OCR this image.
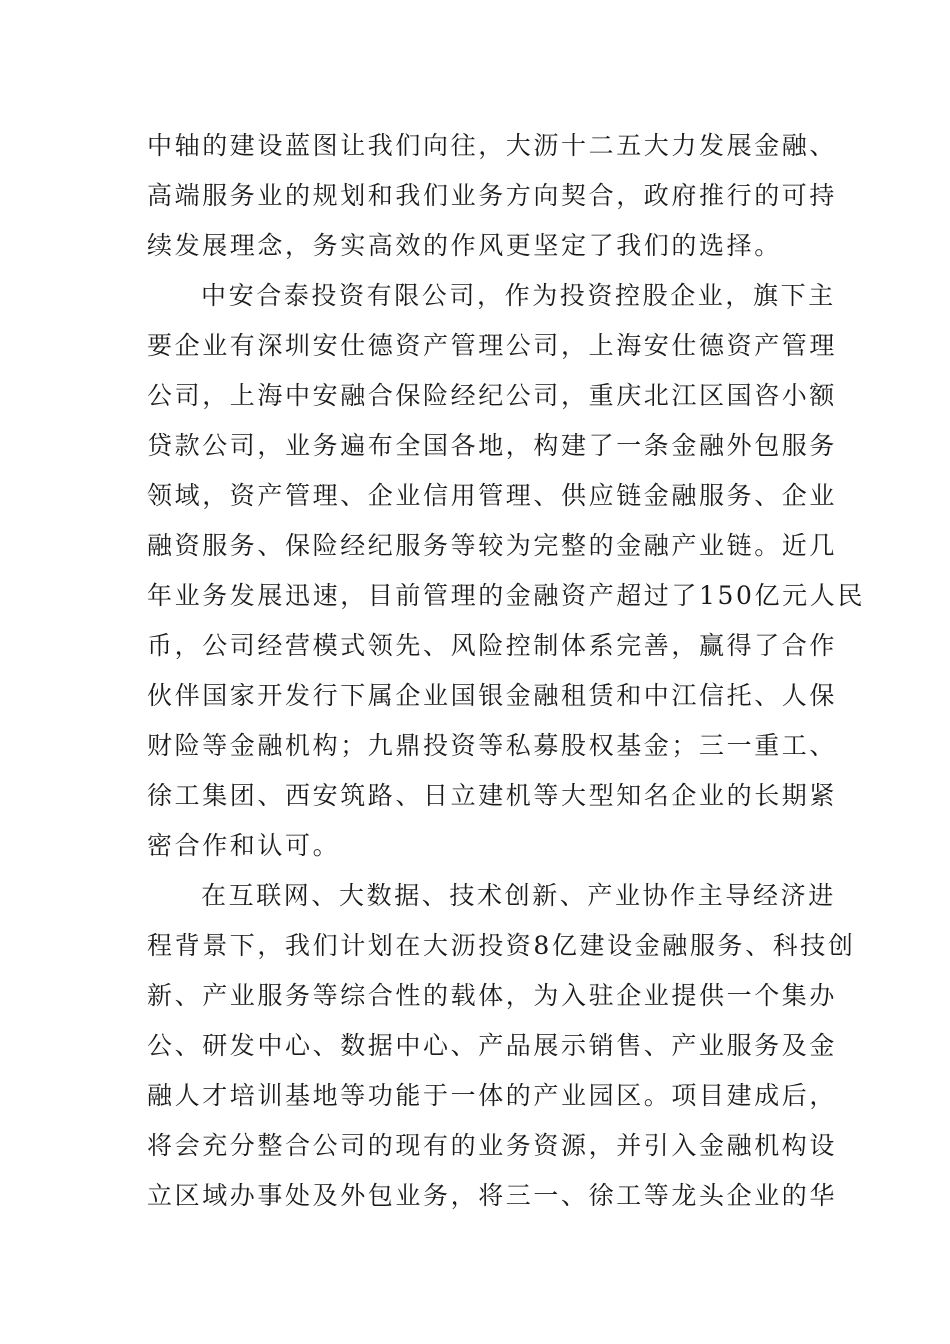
中轴的建设蓝图让我们向往，大沥十二五大力发展金融、
高端服务业的规划和我们业务方向契合，政府推行的可持
续发展理念，务实高效的作风更坚定了我们的选择。
中安合泰投资有限公司，作为投资控股企业，旗下主
要企业有深圳安仕德资产管理公司，上海安仕德资产管理
公司，上海中安融合保险经纪公司，重庆北江区国咨小额
贷款公司，业务遍布全国各地，构建了一条金融外包服务
领域，资产管理、企业信用管理、供应链金融服务、企业
融资服务、保险经纪服务等较为完整的金融产业链。近几
年业务发展迅速，目前管理的金融资产超过了150亿元人民
币，公司经营模式领先、风险控制体系完善，赢得了合作
伙伴国家开发行下属企业国银金融租赁和中江信托、人保
财险等金融机构；九鼎投资等私募股权基金；三一重工、
徐工集团、西安筑路、日立建机等大型知名企业的长期紧
密合作和认可。
在互联网、大数据、技术创新、产业协作主导经济进
程背景下，我们计划在大沥投资8亿建设金融服务、科技创
新、产业服务等综合性的载体，为入驻企业提供一个集办
公、研发中心、数据中心、产品展示销售、产业服务及金
融人才培训基地等功能于一体的产业园区。项目建成后，
将会充分整合公司的现有的业务资源，并引入金融机构设
立区域办事处及外包业务，将三一、徐工等龙头企业的华
